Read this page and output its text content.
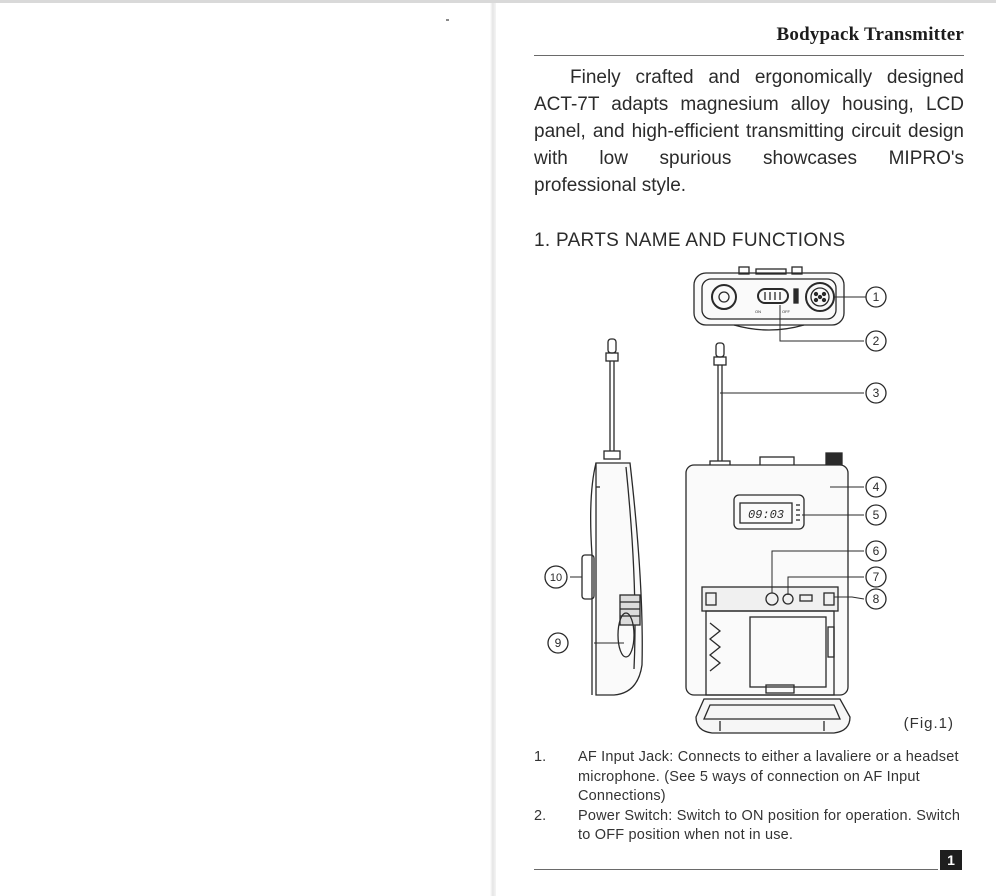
Bodypack Transmitter

Finely crafted and ergonomically designed ACT-7T adapts magnesium alloy housing, LCD panel, and high-efficient transmitting circuit design with low spurious showcases MIPRO's professional style.

1. PARTS NAME AND FUNCTIONS
ON	OFF
1
2
3
4
5
6
7
8
9
10
09:03
(Fig.1)
1.	AF Input Jack: Connects to either a lavaliere or a headset microphone. (See 5 ways of connection on AF Input Connections)
2.	Power Switch: Switch to ON position for operation. Switch to OFF position when not in use.
1
